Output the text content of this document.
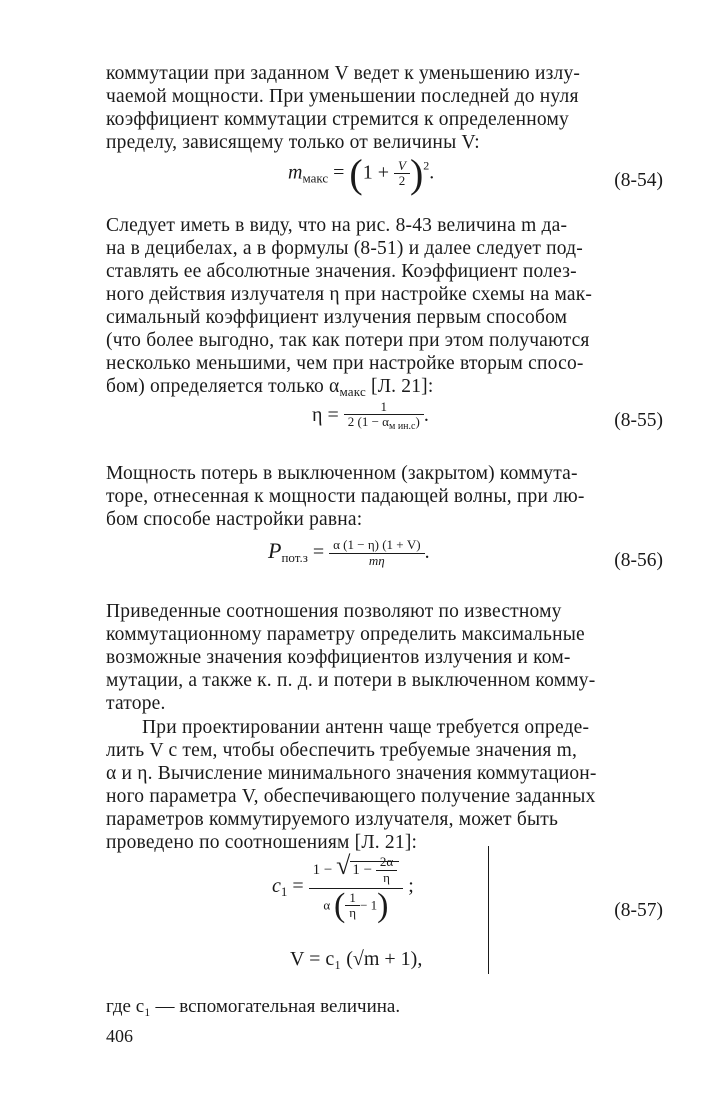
коммутации при заданном V ведет к уменьшению излу-
чаемой мощности. При уменьшении последней до нуля
коэффициент коммутации стремится к определенному
пределу, зависящему только от величины V:
$m_{макс} = (1 + \frac{V}{2} )^2$.	(8-54)
Следует иметь в виду, что на рис. 8-43 величина m да-
на в децибелах, а в формулы (8-51) и далее следует под-
ставлять ее абсолютные значения. Коэффициент полез-
ного действия излучателя η при настройке схемы на мак-
симальный коэффициент излучения первым способом
(что более выгодно, так как потери при этом получаются
несколько меньшими, чем при настройке вторым спосо-
бом) определяется только $\alpha_{макс}$ [Л. 21]:
$\eta = \frac{1}{2 (1 - \alpha_{м ин.с})}$ .	(8-55)
Мощность потерь в выключенном (закрытом) коммута-
торе, отнесенная к мощности падающей волны, при лю-
бом способе настройки равна:
$P_{пот.з} = \frac{\alpha (1 - \eta) (1 + V)}{m\eta}$ .	(8-56)
Приведенные соотношения позволяют по известному
коммутационному параметру определить максимальные
возможные значения коэффициентов излучения и ком-
мутации, а также к. п. д. и потери в выключенном комму-
таторе.
При проектировании антенн чаще требуется опреде-
лить V с тем, чтобы обеспечить требуемые значения m,
α и η. Вычисление минимального значения коммутацион-
ного параметра V, обеспечивающего получение заданных
параметров коммутируемого излучателя, может быть
проведено по соотношениям [Л. 21]:
$c_1 = \frac{1 - √ 1 - \frac{2\alpha}{\eta}}{\alpha ( \frac{1}{\eta} - 1)}$ ;
V = c₁ (√m + 1),
(8-57)
где c₁ — вспомогательная величина.
406
